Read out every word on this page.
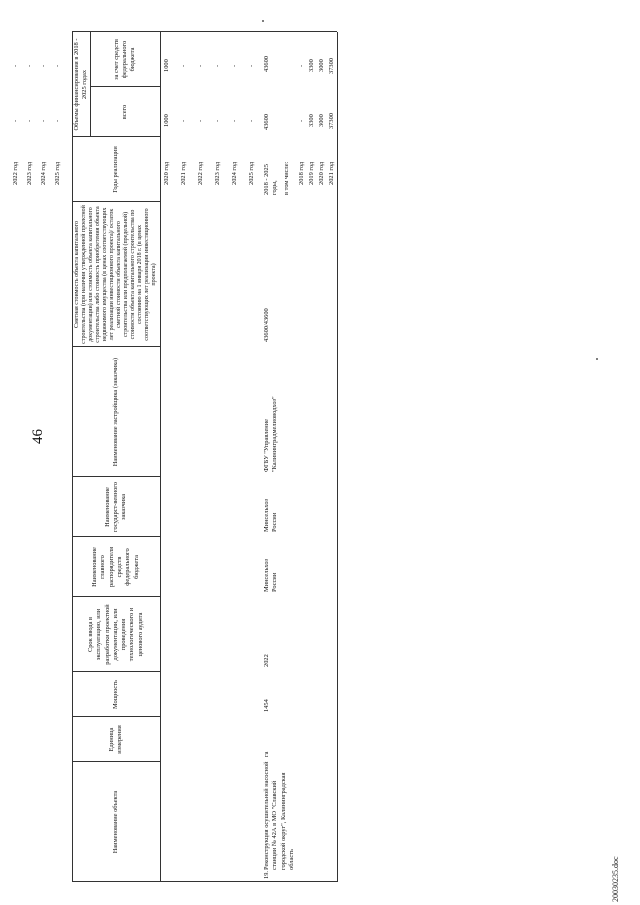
46
20030235.doc
Наименование объекта
Единица измерения
Мощность
Срок ввода в эксплуатацию, или разработки проектной документации, или проведения технологического и ценового аудита
Наименование главного распорядителя средств федерального бюджета
Наименование государст-венного заказчика
Наименование застройщика (заказчика)
Сметная стоимость объекта капитального строительства (при наличии утвержденной проектной документации) или стоимость объекта капитального строительства либо стоимость приобретения объекта недвижимого имущества (в ценах соответствующих лет реализации инвестиционного проекта)/ остаток сметной стоимости объекта капитального строительства или предполагаемой (предельной) стоимости объекта капитального строительства по состоянию на 1 января 2018 г. (в ценах соответствующих лет реализации инвестиционного проекта)
Годы реализации
Объемы финансирования в 2018 - 2025 годах
всего
за счет средств федерального бюджета
2020 год
1000
1000
2021 год
-
-
2022 год
-
-
2023 год
-
-
2024 год
-
-
2025 год
-
-
19.
Реконструкция осушительной насосной станции № 42А в МО "Славский городской округ", Калининградская область
га
1454
2022
Минсельхоз России
Минсельхоз России
ФГБУ "Управление "Калининградмелиоводхоз"
43600/43600
2018 - 2025 годы,
43600
43600
в том числе: 2018 год
-
-
2019 год
3300
3300
2020 год
3000
3000
2021 год
37300
37300
2022 год
-
-
2023 год
-
-
2024 год
-
-
2025 год
-
-
